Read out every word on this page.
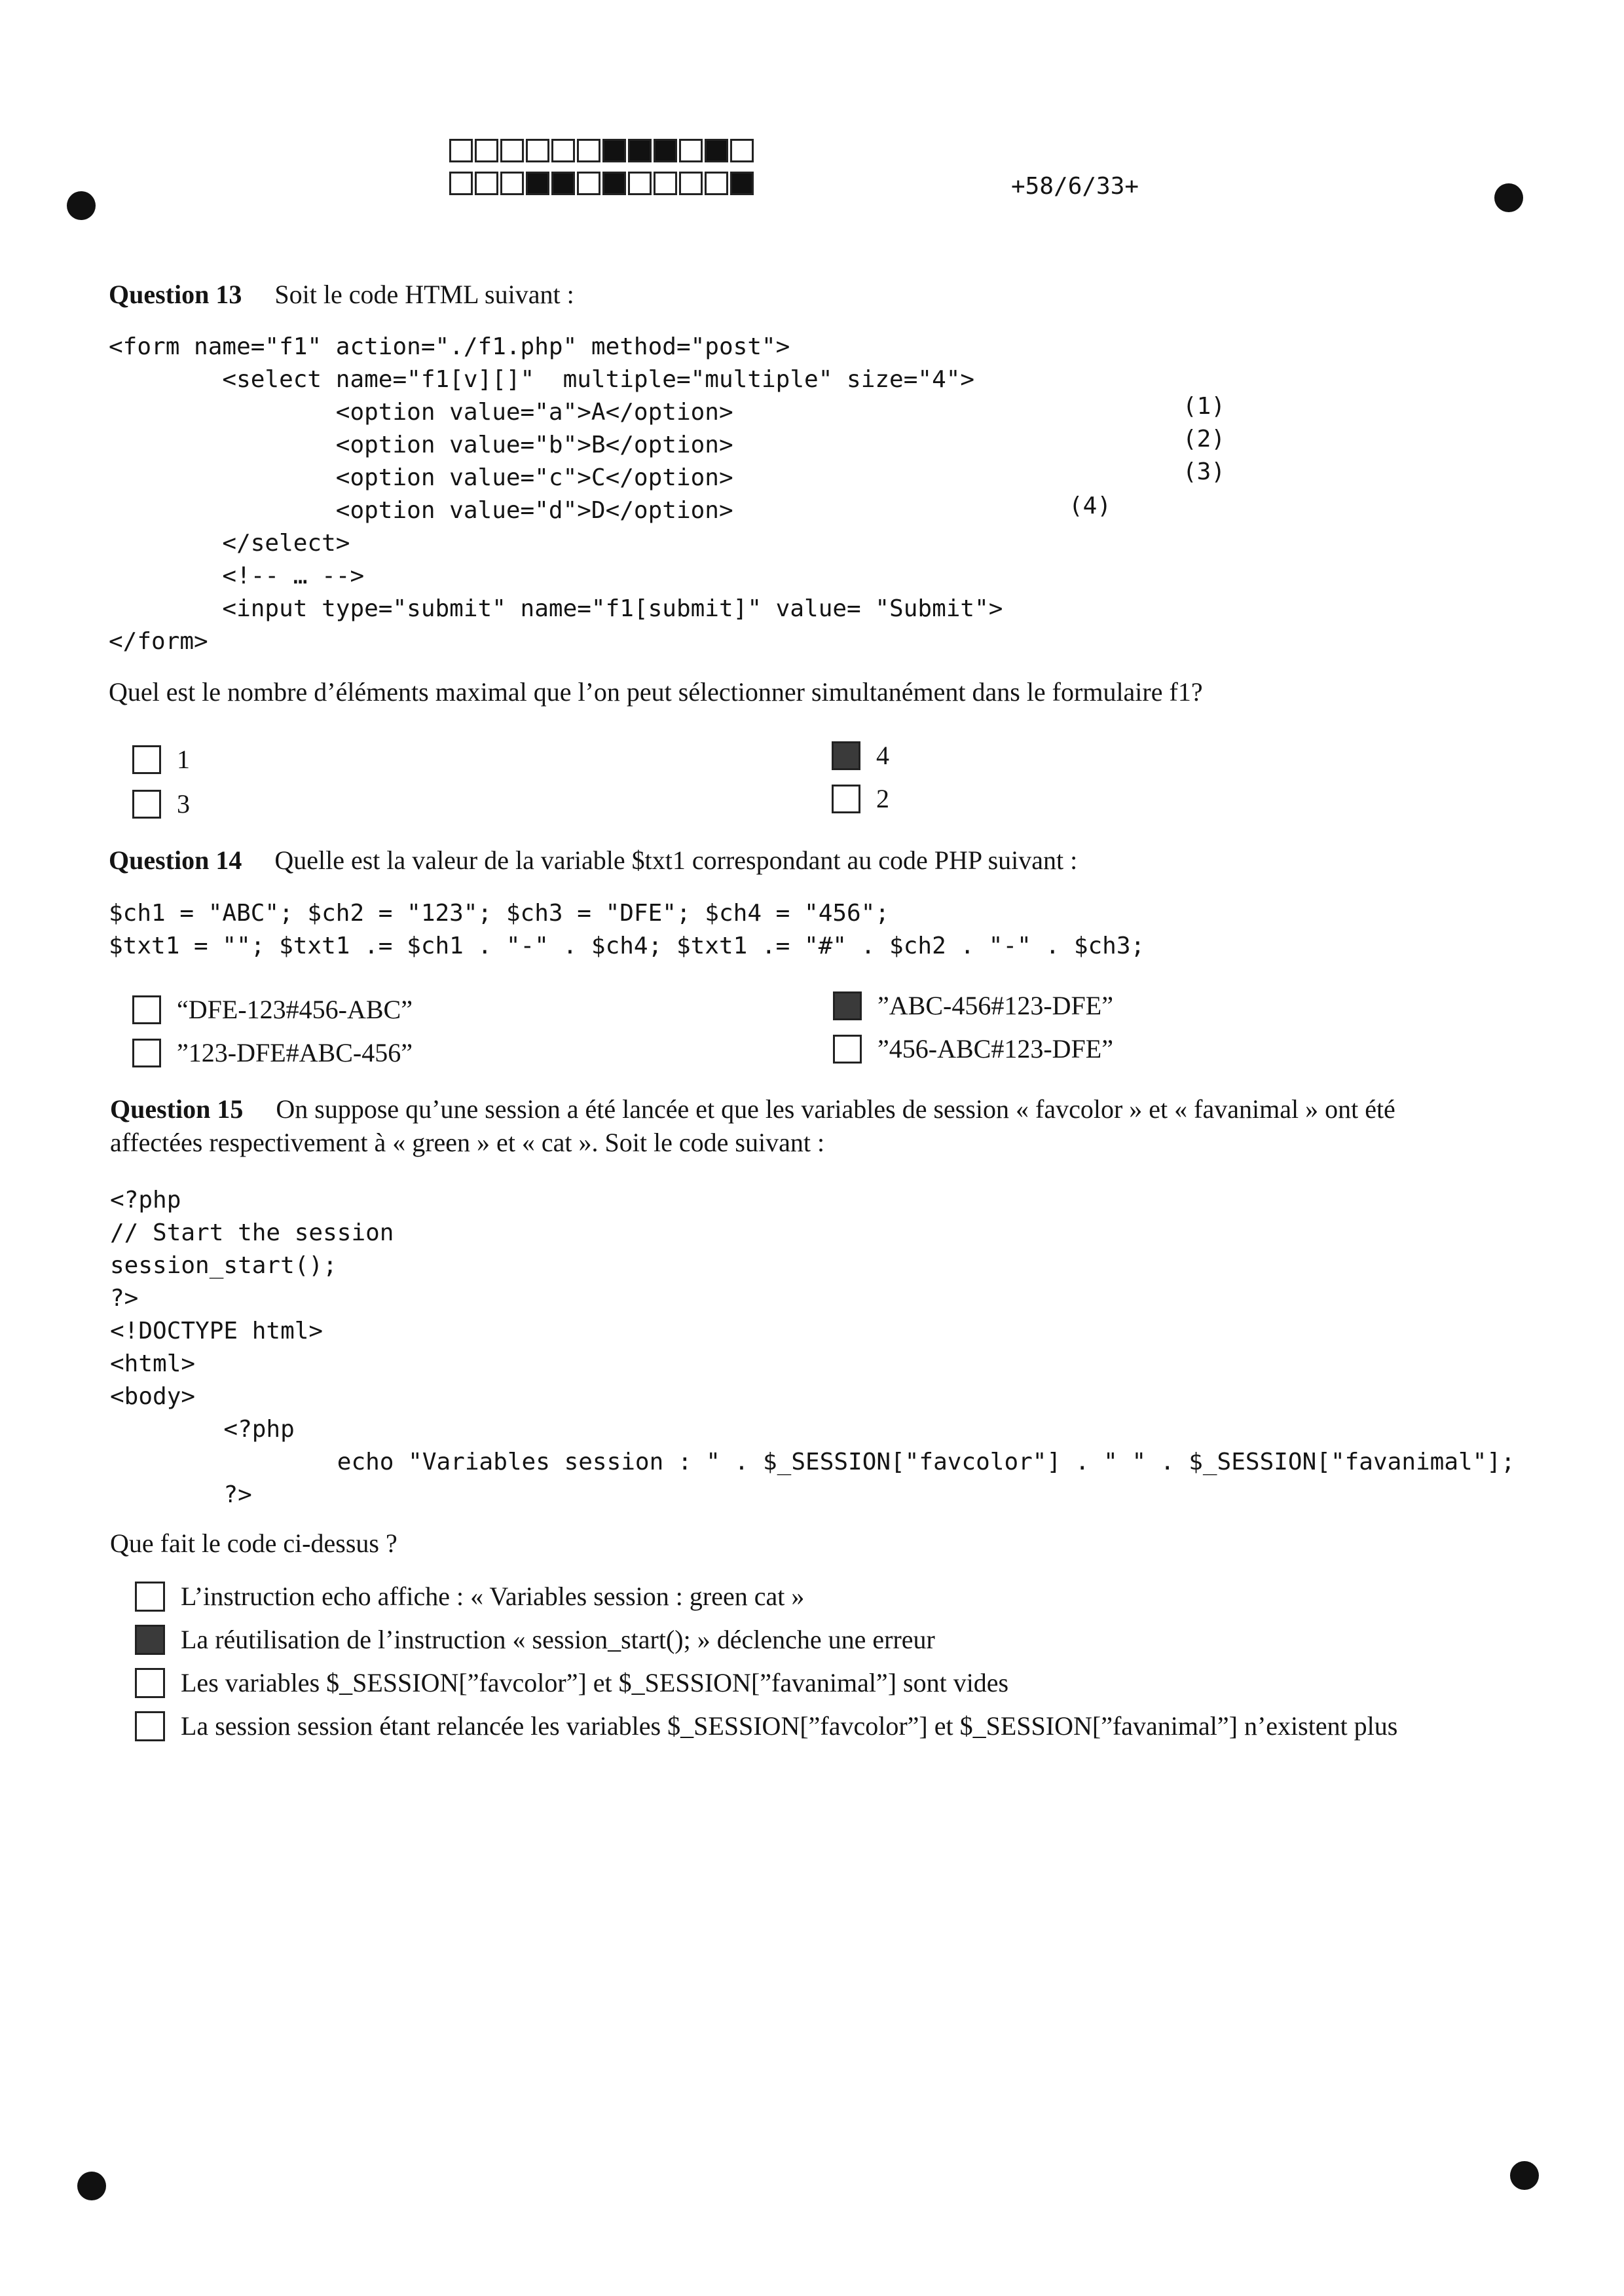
+58/6/33+
Question 13 Soit le code HTML suivant :
<form name="f1" action="./f1.php" method="post">
<select name="f1[v][]"  multiple="multiple" size="4">
<option value="a">A</option>
<option value="b">B</option>
<option value="c">C</option>
<option value="d">D</option>
</select>
<!-- … -->
<input type="submit" name="f1[submit]" value= "Submit">
</form>
(1)
(2)
(3)
(4)
Quel est le nombre d’éléments maximal que l’on peut sélectionner simultanément dans le formulaire f1?
1
3
4
2
Question 14 Quelle est la valeur de la variable $txt1 correspondant au code PHP suivant :
$ch1 = "ABC"; $ch2 = "123"; $ch3 = "DFE"; $ch4 = "456";
$txt1 = ""; $txt1 .= $ch1 . "-" . $ch4; $txt1 .= "#" . $ch2 . "-" . $ch3;
“DFE-123#456-ABC”
”123-DFE#ABC-456”
”ABC-456#123-DFE”
”456-ABC#123-DFE”
Question 15 On suppose qu’une session a été lancée et que les variables de session « favcolor » et « favanimal » ont été
affectées respectivement à « green » et « cat ». Soit le code suivant :
<?php
// Start the session
session_start();
?>
<!DOCTYPE html>
<html>
<body>
<?php
echo "Variables session : " . $_SESSION["favcolor"] . " " . $_SESSION["favanimal"];
?>
Que fait le code ci-dessus ?
L’instruction echo affiche : « Variables session : green cat »
La réutilisation de l’instruction « session_start(); » déclenche une erreur
Les variables $_SESSION[”favcolor”] et $_SESSION[”favanimal”] sont vides
La session session étant relancée les variables $_SESSION[”favcolor”] et $_SESSION[”favanimal”] n’existent plus
